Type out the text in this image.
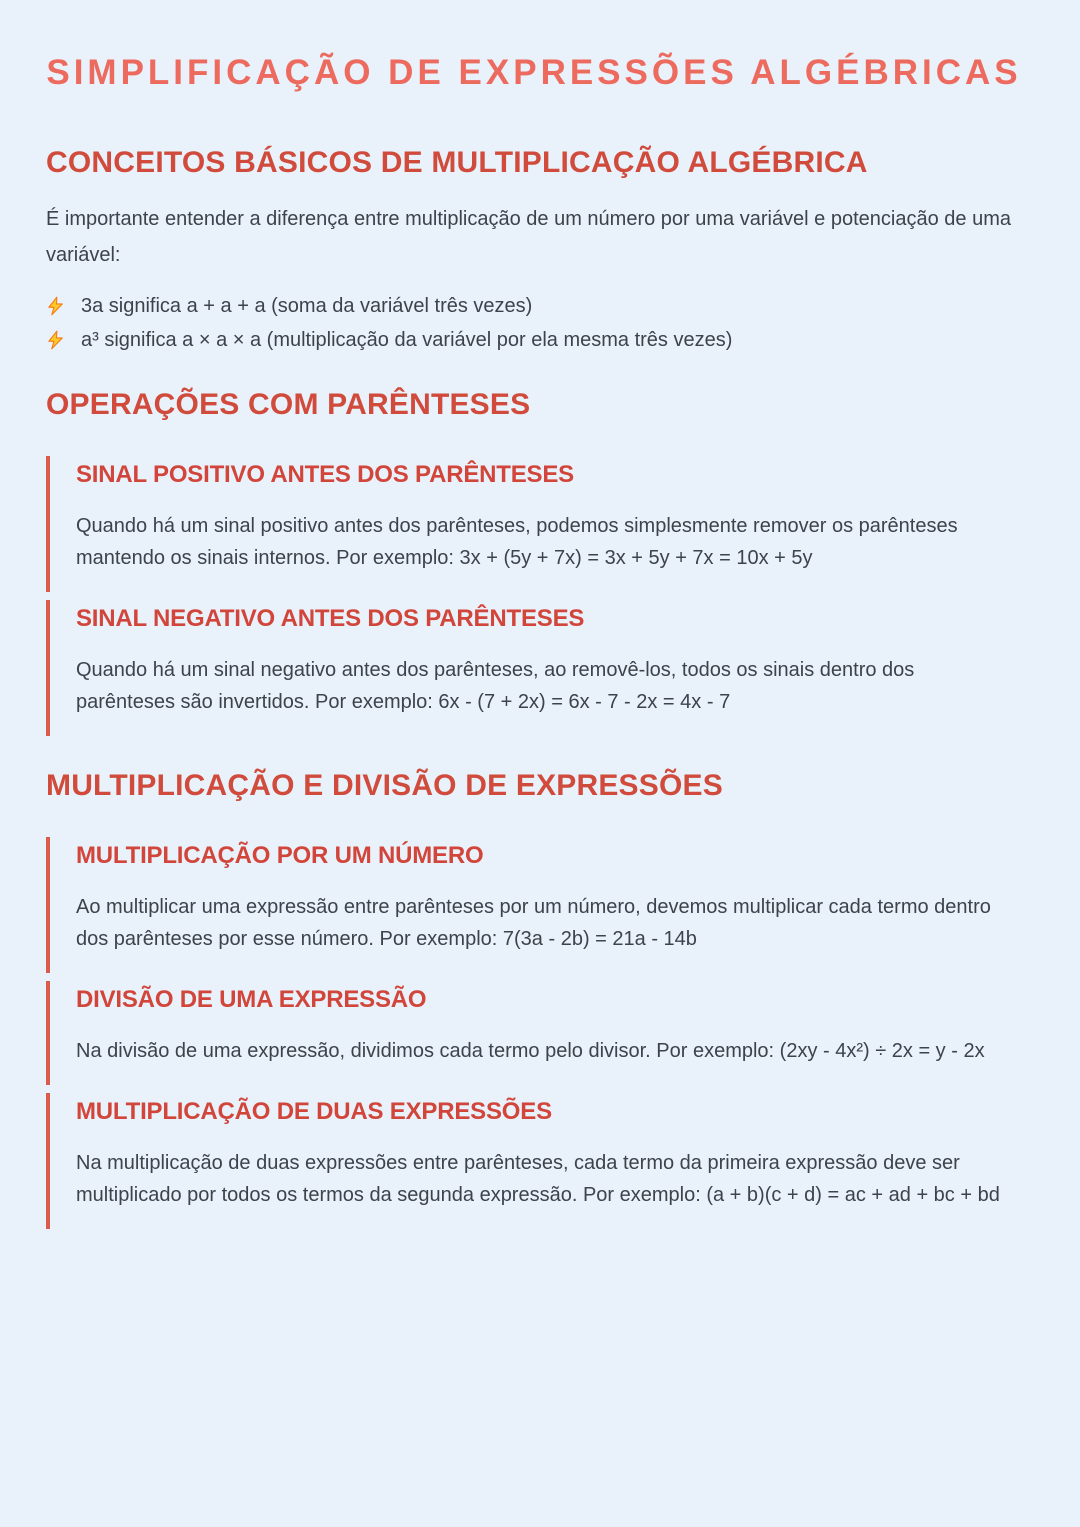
SIMPLIFICAÇÃO DE EXPRESSÕES ALGÉBRICAS
CONCEITOS BÁSICOS DE MULTIPLICAÇÃO ALGÉBRICA

É importante entender a diferença entre multiplicação de um número por uma variável e potenciação de uma variável:

3a significa a + a + a (soma da variável três vezes)
a³ significa a × a × a (multiplicação da variável por ela mesma três vezes)
OPERAÇÕES COM PARÊNTESES
SINAL POSITIVO ANTES DOS PARÊNTESES

Quando há um sinal positivo antes dos parênteses, podemos simplesmente remover os parênteses mantendo os sinais internos. Por exemplo: 3x + (5y + 7x) = 3x + 5y + 7x = 10x + 5y

SINAL NEGATIVO ANTES DOS PARÊNTESES

Quando há um sinal negativo antes dos parênteses, ao removê-los, todos os sinais dentro dos parênteses são invertidos. Por exemplo: 6x - (7 + 2x) = 6x - 7 - 2x = 4x - 7

MULTIPLICAÇÃO E DIVISÃO DE EXPRESSÕES
MULTIPLICAÇÃO POR UM NÚMERO

Ao multiplicar uma expressão entre parênteses por um número, devemos multiplicar cada termo dentro dos parênteses por esse número. Por exemplo: 7(3a - 2b) = 21a - 14b

DIVISÃO DE UMA EXPRESSÃO

Na divisão de uma expressão, dividimos cada termo pelo divisor. Por exemplo: (2xy - 4x²) ÷ 2x = y - 2x

MULTIPLICAÇÃO DE DUAS EXPRESSÕES

Na multiplicação de duas expressões entre parênteses, cada termo da primeira expressão deve ser multiplicado por todos os termos da segunda expressão. Por exemplo: (a + b)(c + d) = ac + ad + bc + bd
